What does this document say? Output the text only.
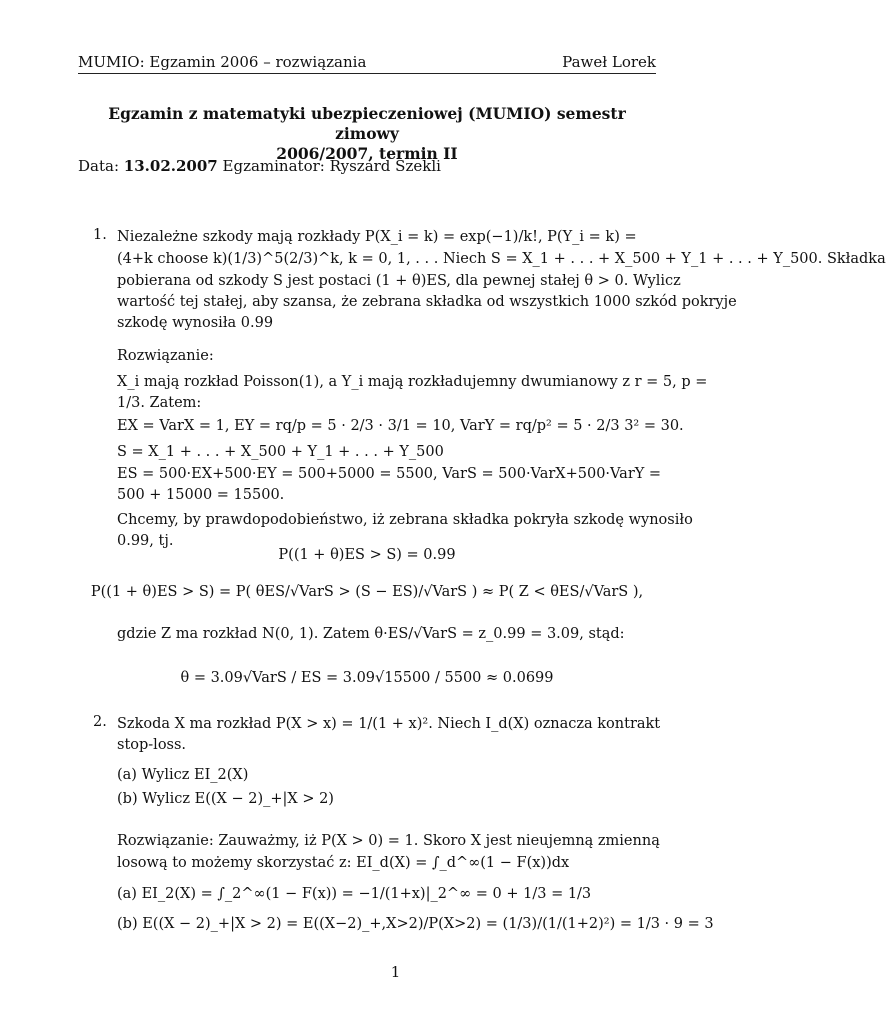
MUMIO: Egzamin 2006 – rozwiązania	Paweł Lorek
Egzamin z matematyki ubezpieczeniowej (MUMIO) semestr zimowy
2006/2007, termin II
Data: 13.02.2007 Egzaminator: Ryszard Szekli
1. Niezależne szkody mają rozkłady P(X_i = k) = exp(−1)/k!, P(Y_i = k) =
(4+k choose k)(1/3)^5(2/3)^k, k = 0, 1, . . . Niech S = X_1 + . . . + X_500 + Y_1 + . . . + Y_500. Składka
pobierana od szkody S jest postaci (1 + θ)ES, dla pewnej stałej θ > 0. Wylicz
wartość tej stałej, aby szansa, że zebrana składka od wszystkich 1000 szkód pokryje
szkodę wynosiła 0.99
Rozwiązanie:
X_i mają rozkład Poisson(1), a Y_i mają rozkładujemny dwumianowy z r = 5, p =
1/3. Zatem:
EX = VarX = 1, EY = rq/p = 5 · 2/3 · 3/1 = 10, VarY = rq/p² = 5 · 2/3 3² = 30.
S = X_1 + . . . + X_500 + Y_1 + . . . + Y_500
ES = 500·EX+500·EY = 500+5000 = 5500, VarS = 500·VarX+500·VarY =
500 + 15000 = 15500.
Chcemy, by prawdopodobieństwo, iż zebrana składka pokryła szkodę wynosiło
0.99, tj.
P((1 + θ)ES > S) = 0.99
P((1 + θ)ES > S) = P( θES/√VarS > (S − ES)/√VarS ) ≈ P( Z < θES/√VarS ),
gdzie Z ma rozkład N(0, 1). Zatem θ·ES/√VarS = z_0.99 = 3.09, stąd:
θ = 3.09√VarS / ES = 3.09√15500 / 5500 ≈ 0.0699
2. Szkoda X ma rozkład P(X > x) = 1/(1 + x)². Niech I_d(X) oznacza kontrakt
stop-loss.
(a) Wylicz EI_2(X)
(b) Wylicz E((X − 2)_+|X > 2)
Rozwiązanie: Zauważmy, iż P(X > 0) = 1. Skoro X jest nieujemną zmienną
losową to możemy skorzystać z: EI_d(X) = ∫_d^∞(1 − F(x))dx
(a) EI_2(X) = ∫_2^∞(1 − F(x)) = −1/(1+x)|_2^∞ = 0 + 1/3 = 1/3
(b) E((X − 2)_+|X > 2) = E((X−2)_+,X>2)/P(X>2) = (1/3)/(1/(1+2)²) = 1/3 · 9 = 3
1
